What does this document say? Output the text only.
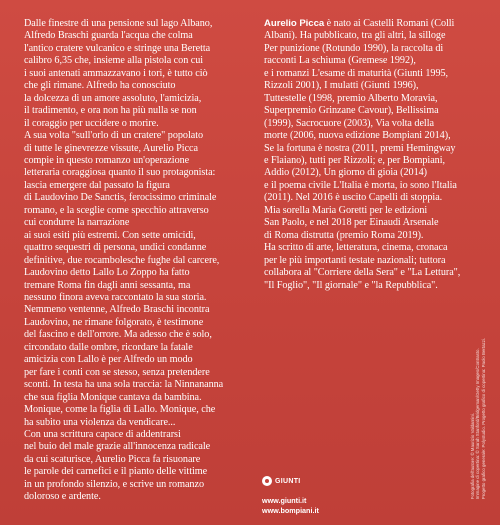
Dalle finestre di una pensione sul lago Albano,

Alfredo Braschi guarda l'acqua che colma

l'antico cratere vulcanico e stringe una Beretta

calibro 6,35 che, insieme alla pistola con cui

i suoi antenati ammazzavano i tori, è tutto ciò

che gli rimane. Alfredo ha conosciuto

la dolcezza di un amore assoluto, l'amicizia,

il tradimento, e ora non ha più nulla se non

il coraggio per uccidere o morire.

A sua volta "sull'orlo di un cratere" popolato

di tutte le ginevrezze vissute, Aurelio Picca

compie in questo romanzo un'operazione

letteraria coraggiosa quanto il suo protagonista:

lascia emergere dal passato la figura

di Laudovino De Sanctis, ferocissimo criminale

romano, e la sceglie come specchio attraverso

cui condurre la narrazione

ai suoi esiti più estremi. Con sette omicidi,

quattro sequestri di persona, undici condanne

definitive, due rocambolesche fughe dal carcere,

Laudovino detto Lallo Lo Zoppo ha fatto

tremare Roma fin dagli anni sessanta, ma

nessuno finora aveva raccontato la sua storia.

Nemmeno ventenne, Alfredo Braschi incontra

Laudovino, ne rimane folgorato, è testimone

del fascino e dell'orrore. Ma adesso che è solo,

circondato dalle ombre, ricordare la fatale

amicizia con Lallo è per Alfredo un modo

per fare i conti con se stesso, senza pretendere

sconti. In testa ha una sola traccia: la Ninnananna

che sua figlia Monique cantava da bambina.

Monique, come la figlia di Lallo. Monique, che

ha subito una violenza da vendicare...

Con una scrittura capace di addentrarsi

nel buio del male grazie all'innocenza radicale

da cui scaturisce, Aurelio Picca fa risuonare

le parole dei carnefici e il pianto delle vittime

in un profondo silenzio, e scrive un romanzo

doloroso e ardente.

Aurelio Picca è nato ai Castelli Romani (Colli

Albani). Ha pubblicato, tra gli altri, la silloge

Per punizione (Rotundo 1990), la raccolta di

racconti La schiuma (Gremese 1992),

e i romanzi L'esame di maturità (Giunti 1995,

Rizzoli 2001), I mulatti (Giunti 1996),

Tuttestelle (1998, premio Alberto Moravia,

Superpremio Grinzane Cavour), Bellissima

(1999), Sacrocuore (2003), Via volta della

morte (2006, nuova edizione Bompiani 2014),

Se la fortuna è nostra (2011, premi Hemingway

e Flaiano), tutti per Rizzoli; e, per Bompiani,

Addio (2012), Un giorno di gioia (2014)

e il poema civile L'Italia è morta, io sono l'Italia

(2011). Nel 2016 è uscito Capelli di stoppia.

Mia sorella Maria Goretti per le edizioni

San Paolo, e nel 2018 per Einaudi Arsenale

di Roma distrutta (premio Roma 2019).

Ha scritto di arte, letteratura, cinema, cronaca

per le più importanti testate nazionali; tuttora

collabora al "Corriere della Sera" e "La Lettura",

"Il Foglio", "Il giornale" e "la Repubblica".

GIUNTI
www.giunti.it
www.bompiani.it
Fotografia dell'autore: © Maurizio Valdarnini. Immagine di copertina: © Sarah Stanford/Bridgeman/Getty Images/Contrasto. Progetto grafico generale: Polystudio. Progetto grafico di copertina: Paolo Bertazzi.
